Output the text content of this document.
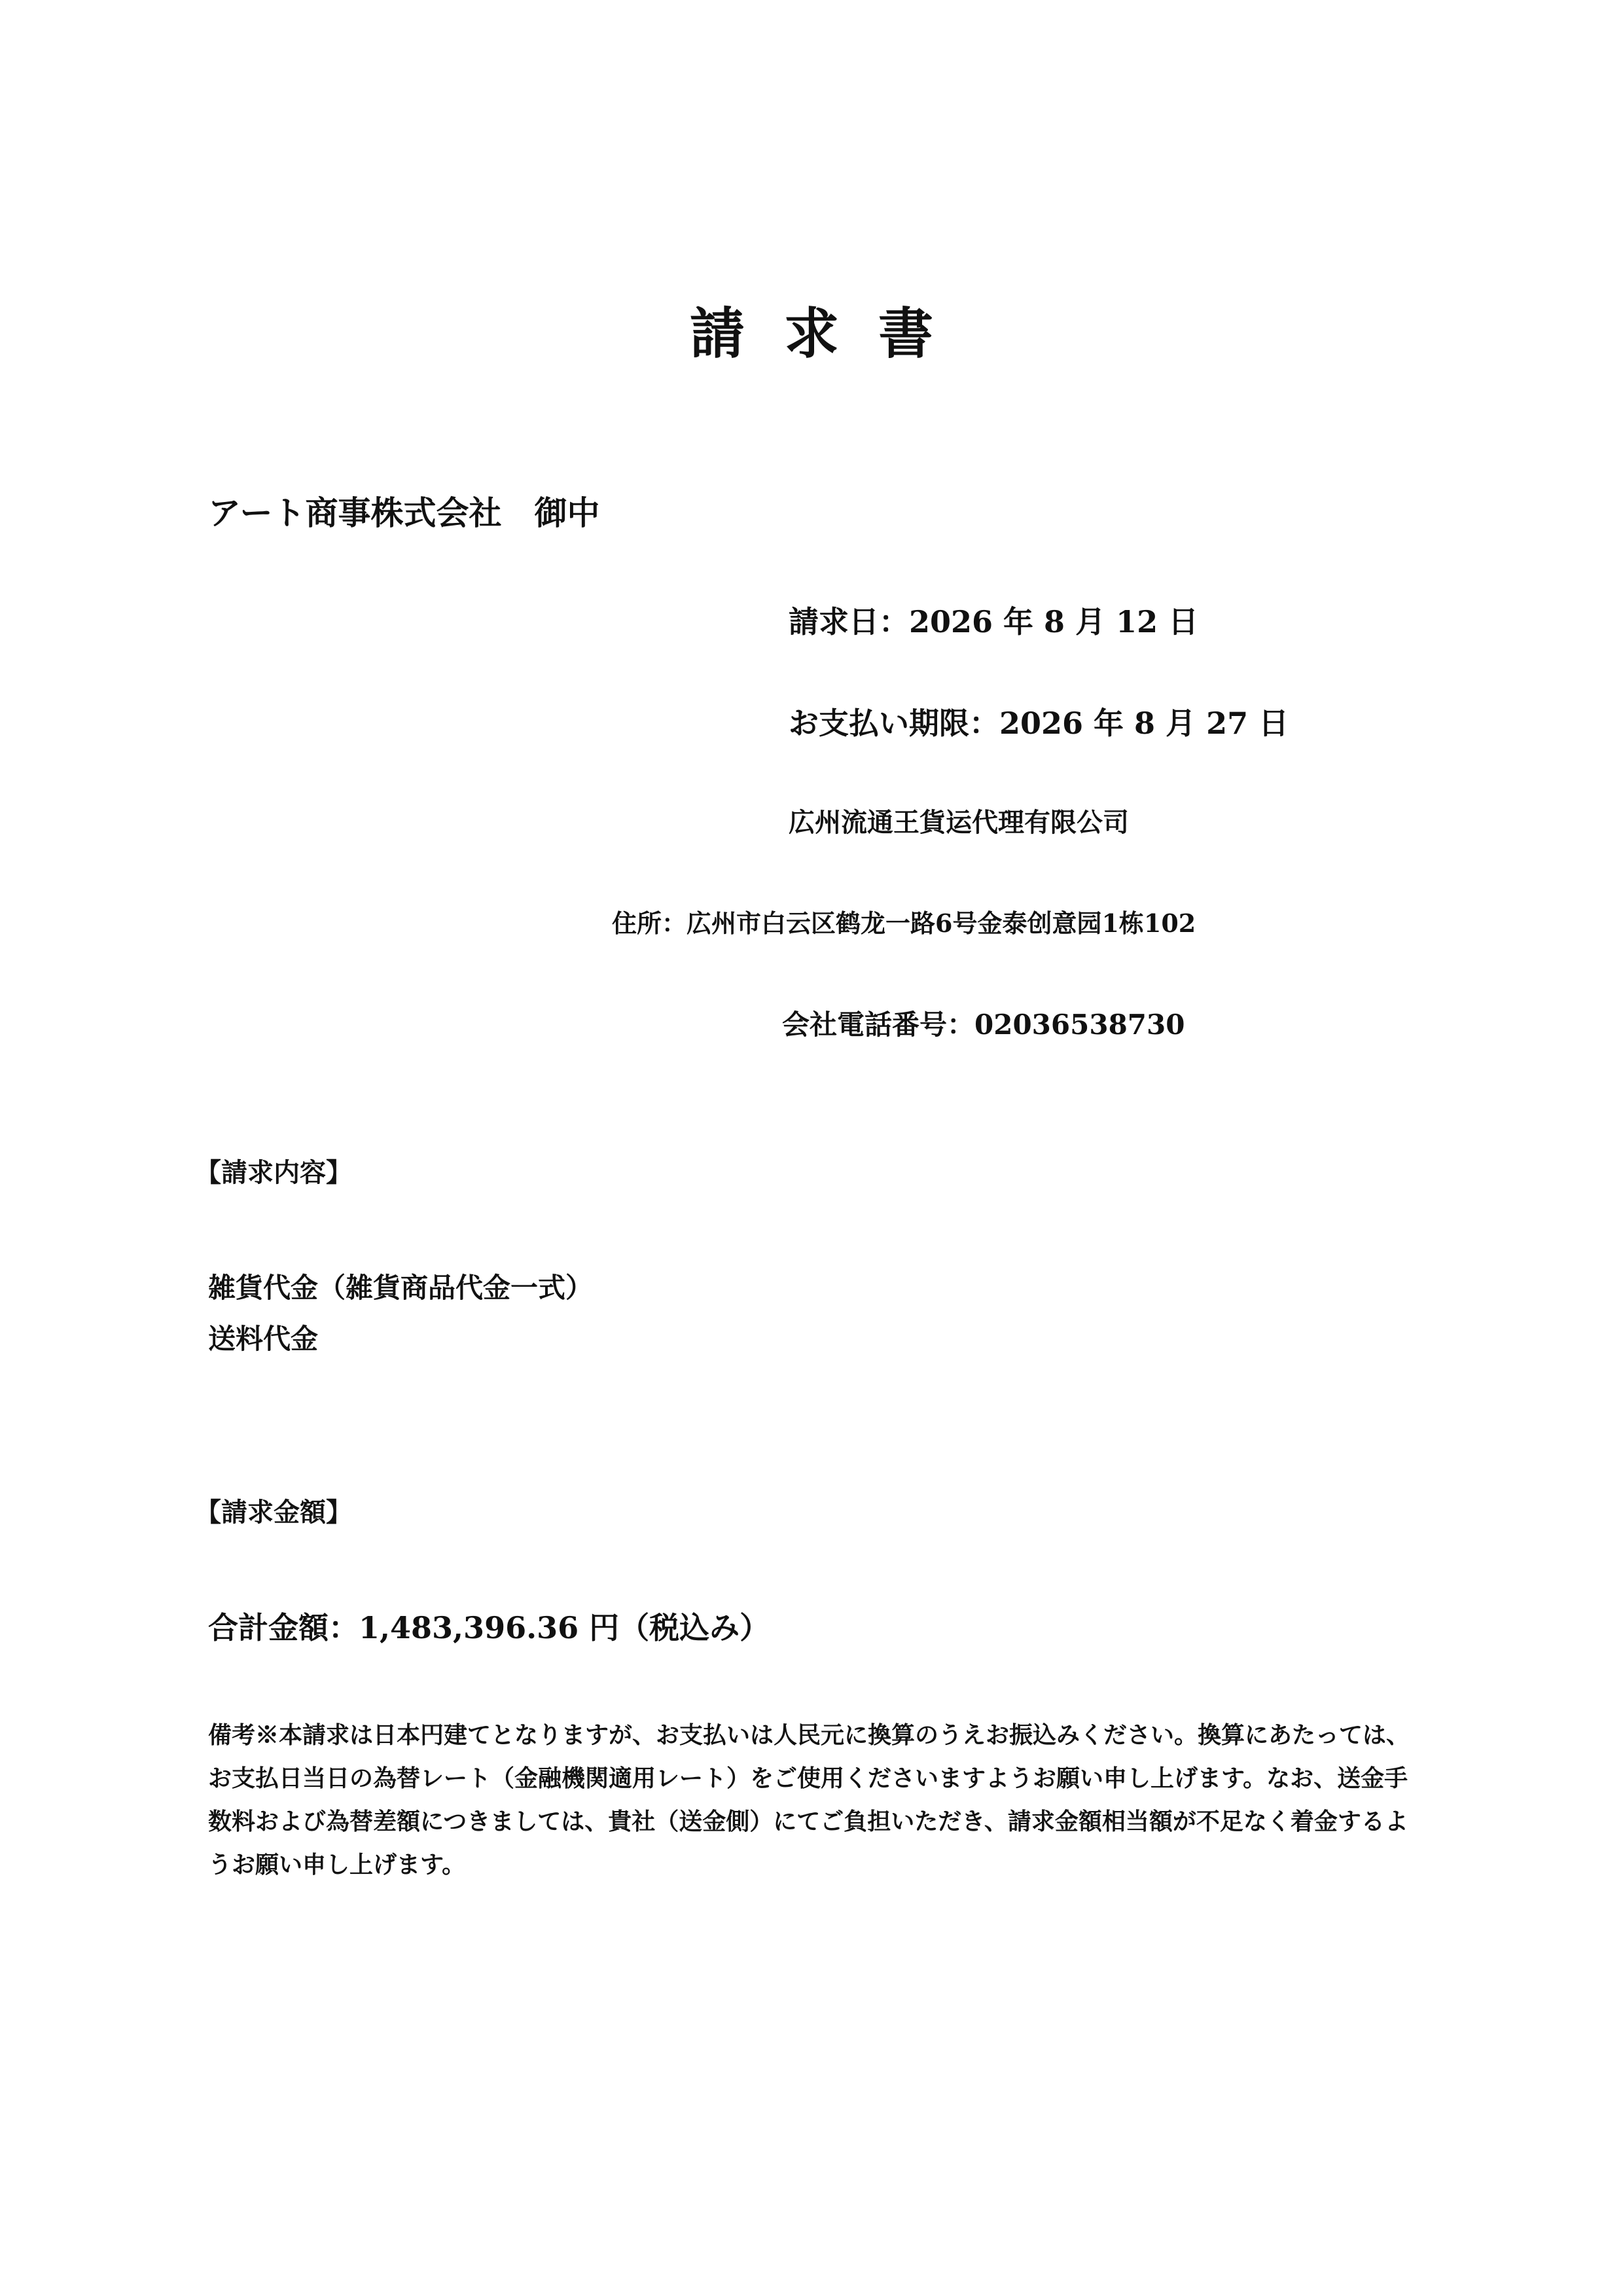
請求書
アート商事株式会社　御中
請求日：2026 年 8 月 12 日
お支払い期限：2026 年 8 月 27 日
広州流通王貨运代理有限公司
住所：広州市白云区鹤龙一路6号金泰创意园1栋102
会社電話番号：02036538730
【請求内容】
雑貨代金（雑貨商品代金一式）
送料代金
【請求金額】
合計金額：1,483,396.36 円（税込み）
備考※本請求は日本円建てとなりますが、お支払いは人民元に換算のうえお振込みください。換算にあたっては、お支払日当日の為替レート（金融機関適用レート）をご使用くださいますようお願い申し上げます。なお、送金手数料および為替差額につきましては、貴社（送金側）にてご負担いただき、請求金額相当額が不足なく着金するようお願い申し上げます。
